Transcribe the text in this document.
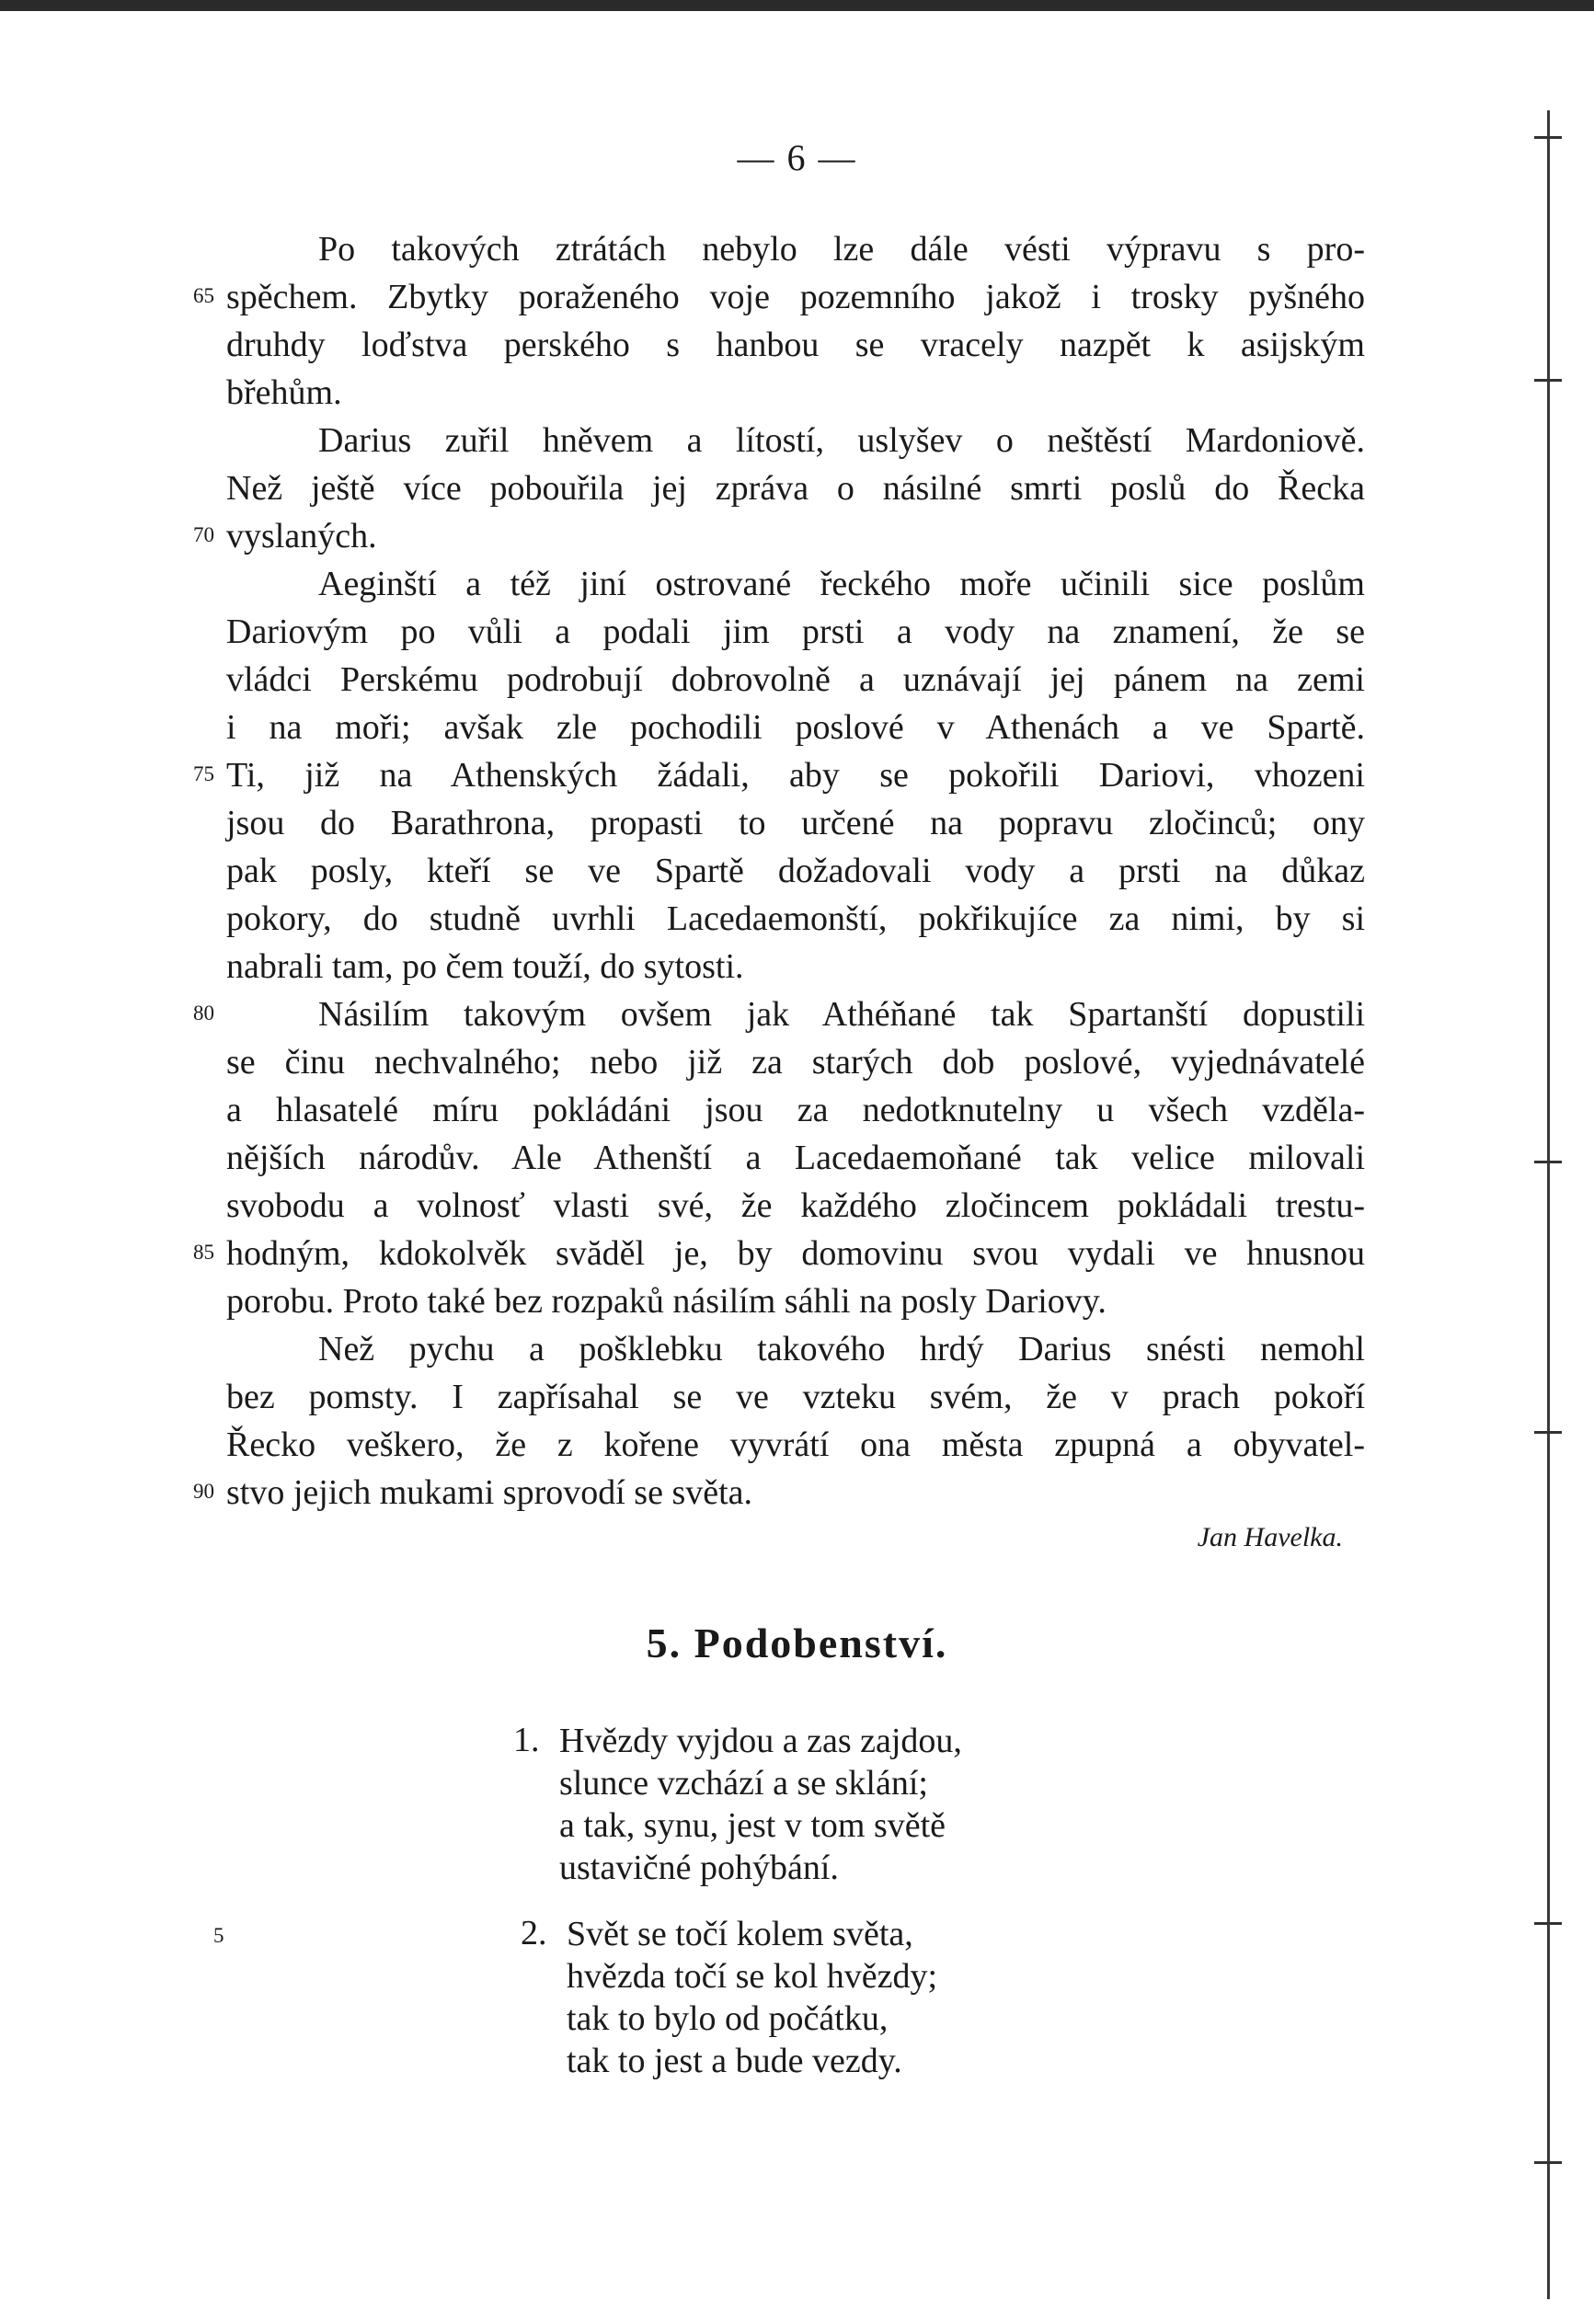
— 6 —
Po takových ztrátách nebylo lze dále vésti výpravu s pro-
spěchem. Zbytky poraženého voje pozemního jakož i trosky pyšného
druhdy loďstva perského s hanbou se vracely nazpět k asijským
břehům.
Darius zuřil hněvem a lítostí, uslyšev o neštěstí Mardoniově.
Než ještě více pobouřila jej zpráva o násilné smrti poslů do Řecka
vyslaných.
Aeginští a též jiní ostrované řeckého moře učinili sice poslům
Dariovým po vůli a podali jim prsti a vody na znamení, že se
vládci Perskému podrobují dobrovolně a uznávají jej pánem na zemi
i na moři; avšak zle pochodili poslové v Athenách a ve Spartě.
Ti, již na Athenských žádali, aby se pokořili Dariovi, vhozeni
jsou do Barathrona, propasti to určené na popravu zločinců; ony
pak posly, kteří se ve Spartě dožadovali vody a prsti na důkaz
pokory, do studně uvrhli Lacedaemonští, pokřikujíce za nimi, by si
nabrali tam, po čem touží, do sytosti.
Násilím takovým ovšem jak Athéňané tak Spartanští dopustili
se činu nechvalného; nebo již za starých dob poslové, vyjednávatelé
a hlasatelé míru pokládáni jsou za nedotknutelny u všech vzděla-
nějších národův. Ale Athenští a Lacedaemoňané tak velice milovali
svobodu a volnosť vlasti své, že každého zločincem pokládali trestu-
hodným, kdokolvěk svăděl je, by domovinu svou vydali ve hnusnou
porobu. Proto také bez rozpaků násilím sáhli na posly Dariovy.
Než pychu a pošklebku takového hrdý Darius snésti nemohl
bez pomsty. I zapřísahal se ve vzteku svém, že v prach pokoří
Řecko veškero, že z kořene vyvrátí ona města zpupná a obyvatel-
stvo jejich mukami sprovodí se světa.
65
70
75
80
85
90
Jan Havelka.
5. Podobenství.
1. Hvězdy vyjdou a zas zajdou,
slunce vzchází a se sklání;
a tak, synu, jest v tom světě
ustavičné pohýbání.
2. Svět se točí kolem světa,
hvězda točí se kol hvězdy;
tak to bylo od počátku,
tak to jest a bude vezdy.
5
